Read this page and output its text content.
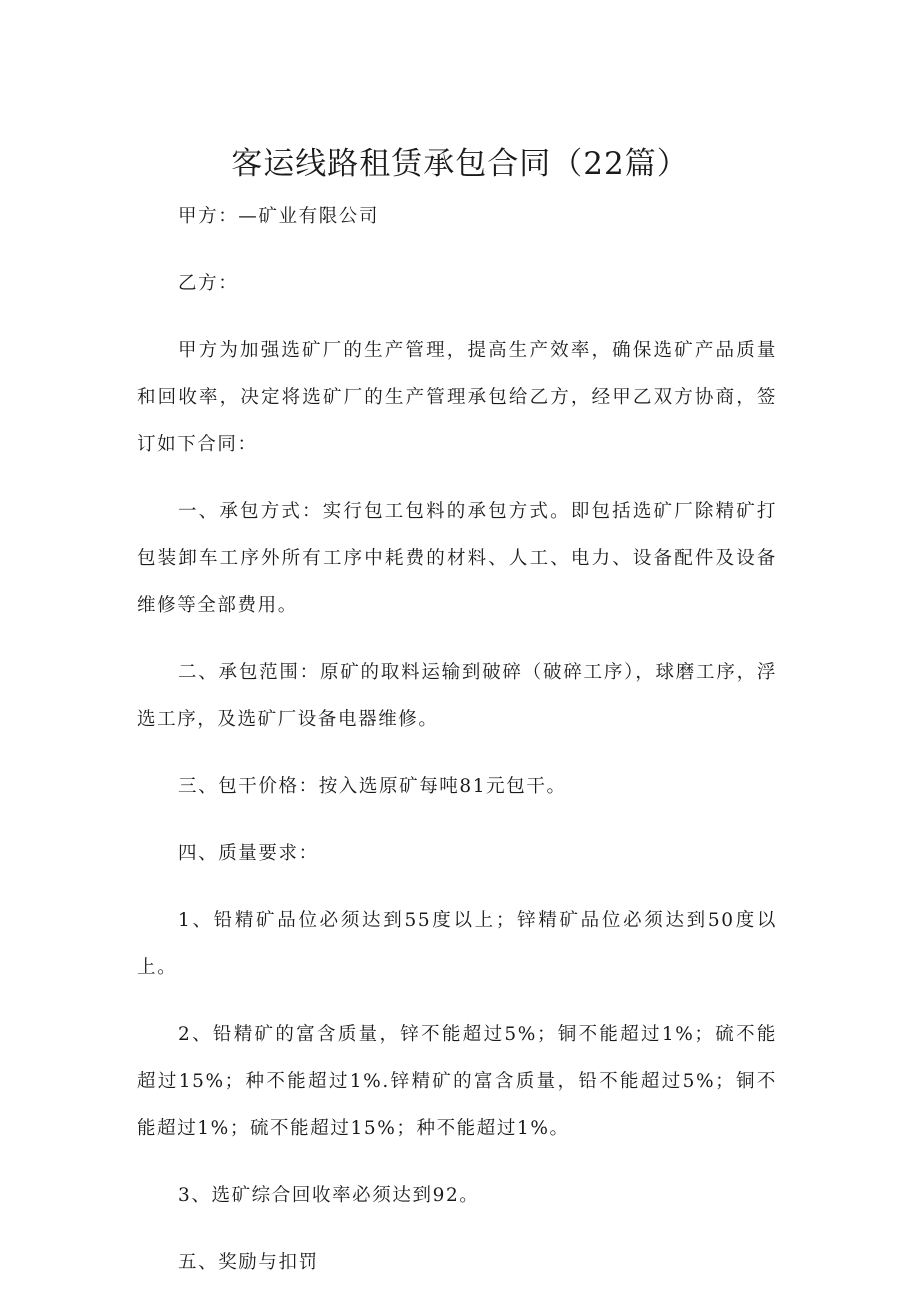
客运线路租赁承包合同（22篇）

甲方：—矿业有限公司

乙方：

甲方为加强选矿厂的生产管理，提高生产效率，确保选矿产品质量和回收率，决定将选矿厂的生产管理承包给乙方，经甲乙双方协商，签订如下合同：

一、承包方式：实行包工包料的承包方式。即包括选矿厂除精矿打包装卸车工序外所有工序中耗费的材料、人工、电力、设备配件及设备维修等全部费用。

二、承包范围：原矿的取料运输到破碎（破碎工序），球磨工序，浮选工序，及选矿厂设备电器维修。

三、包干价格：按入选原矿每吨81元包干。

四、质量要求：

1、铅精矿品位必须达到55度以上；锌精矿品位必须达到50度以上。

2、铅精矿的富含质量，锌不能超过5%；铜不能超过1%；硫不能超过15%；种不能超过1%.锌精矿的富含质量，铅不能超过5%；铜不能超过1%；硫不能超过15%；种不能超过1%。

3、选矿综合回收率必须达到92。

五、奖励与扣罚
